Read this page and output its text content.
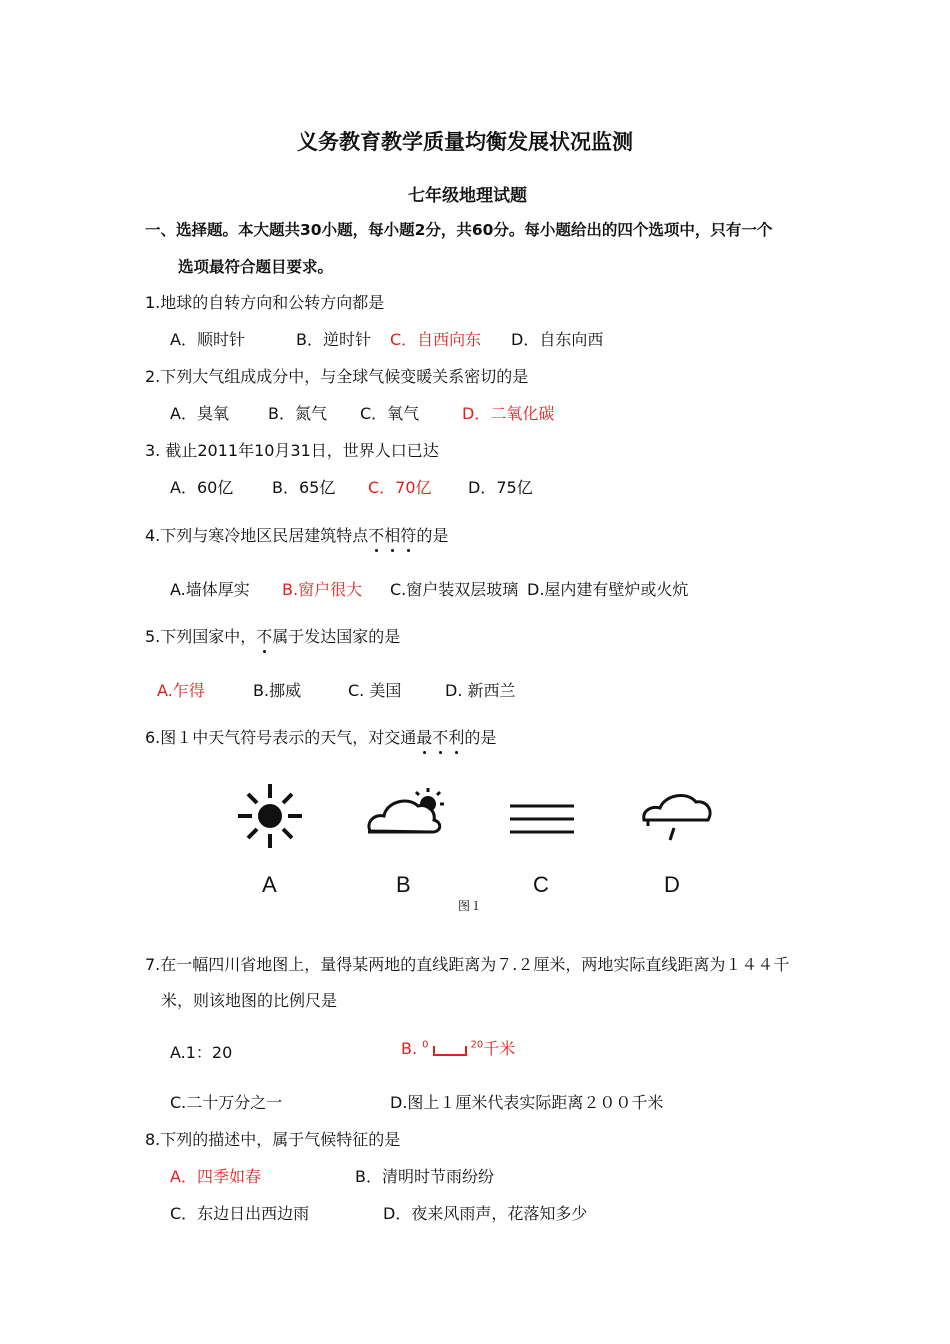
义务教育教学质量均衡发展状况监测
七年级地理试题
一、选择题。本大题共30小题，每小题2分，共60分。每小题给出的四个选项中，只有一个
选项最符合题目要求。
1.地球的自转方向和公转方向都是
A．顺时针	B．逆时针 C．自西向东 D．自东向西
2.下列大气组成成分中，与全球气候变暖关系密切的是
A．臭氧 B．氮气 C．氧气	D．二氧化碳
3. 截止2011年10月31日，世界人口已达
A．60亿 B．65亿 C．70亿 D．75亿
4.下列与寒冷地区民居建筑特点不相符的是
A.墙体厚实 B.窗户很大 C.窗户装双层玻璃 D.屋内建有壁炉或火炕
5.下列国家中，不属于发达国家的是
A.乍得	B.挪威	C. 美国	D. 新西兰
6.图１中天气符号表示的天气，对交通最不利的是
A	B	C	D
图１
7.在一幅四川省地图上，量得某两地的直线距离为７.２厘米，两地实际直线距离为１４４千
米，则该地图的比例尺是
A.1：20	B. $^0$	$^{20}$千米
C.二十万分之一	D.图上１厘米代表实际距离２００千米
8.下列的描述中，属于气候特征的是
A．四季如春	B．清明时节雨纷纷
C．东边日出西边雨	D．夜来风雨声，花落知多少
